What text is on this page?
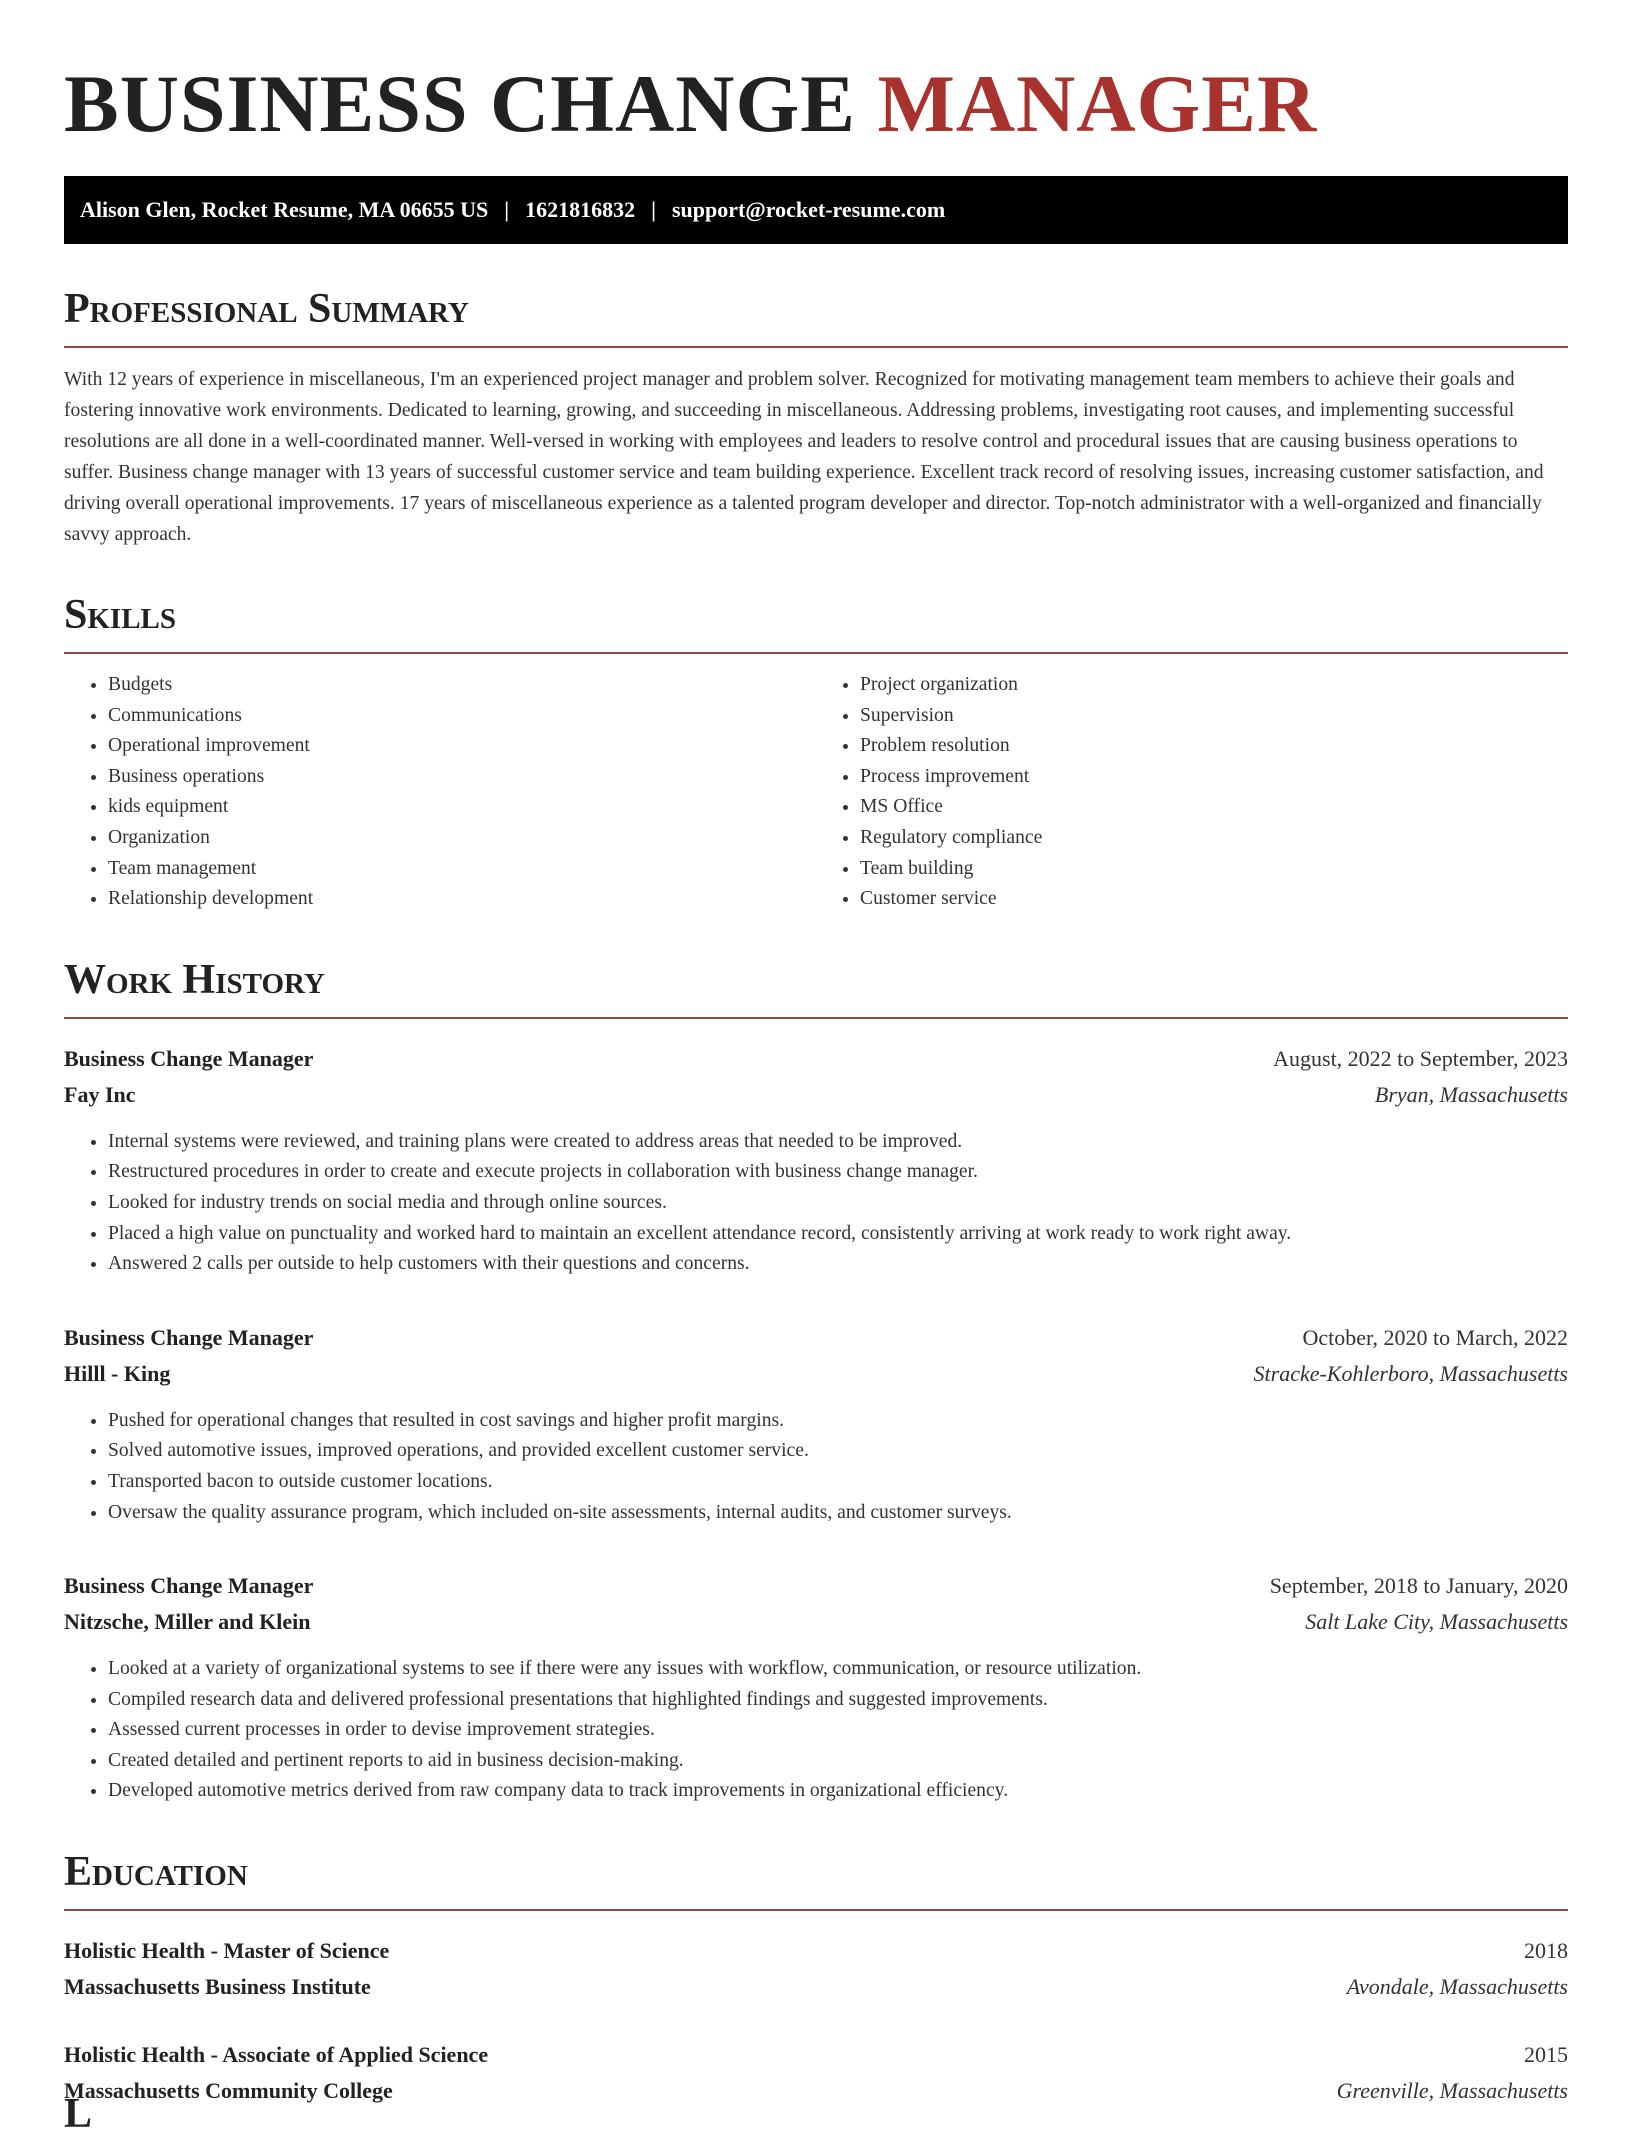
BUSINESS CHANGE MANAGER
Alison Glen, Rocket Resume, MA 06655 US | 1621816832 | support@rocket-resume.com
Professional Summary

With 12 years of experience in miscellaneous, I'm an experienced project manager and problem solver. Recognized for motivating management team members to achieve their goals and fostering innovative work environments. Dedicated to learning, growing, and succeeding in miscellaneous. Addressing problems, investigating root causes, and implementing successful resolutions are all done in a well-coordinated manner. Well-versed in working with employees and leaders to resolve control and procedural issues that are causing business operations to suffer. Business change manager with 13 years of successful customer service and team building experience. Excellent track record of resolving issues, increasing customer satisfaction, and driving overall operational improvements. 17 years of miscellaneous experience as a talented program developer and director. Top-notch administrator with a well-organized and financially savvy approach.

Skills
• Budgets
• Communications
• Operational improvement
• Business operations
• kids equipment
• Organization
• Team management
• Relationship development
• Project organization
• Supervision
• Problem resolution
• Process improvement
• MS Office
• Regulatory compliance
• Team building
• Customer service
Work History
Business Change Manager	August, 2022 to September, 2023
Fay Inc	Bryan, Massachusetts
• Internal systems were reviewed, and training plans were created to address areas that needed to be improved.
• Restructured procedures in order to create and execute projects in collaboration with business change manager.
• Looked for industry trends on social media and through online sources.
• Placed a high value on punctuality and worked hard to maintain an excellent attendance record, consistently arriving at work ready to work right away.
• Answered 2 calls per outside to help customers with their questions and concerns.
Business Change Manager	October, 2020 to March, 2022
Hilll - King	Stracke-Kohlerboro, Massachusetts
• Pushed for operational changes that resulted in cost savings and higher profit margins.
• Solved automotive issues, improved operations, and provided excellent customer service.
• Transported bacon to outside customer locations.
• Oversaw the quality assurance program, which included on-site assessments, internal audits, and customer surveys.
Business Change Manager	September, 2018 to January, 2020
Nitzsche, Miller and Klein	Salt Lake City, Massachusetts
• Looked at a variety of organizational systems to see if there were any issues with workflow, communication, or resource utilization.
• Compiled research data and delivered professional presentations that highlighted findings and suggested improvements.
• Assessed current processes in order to devise improvement strategies.
• Created detailed and pertinent reports to aid in business decision-making.
• Developed automotive metrics derived from raw company data to track improvements in organizational efficiency.
Education
Holistic Health - Master of Science	2018
Massachusetts Business Institute	Avondale, Massachusetts
Holistic Health - Associate of Applied Science	2015
Massachusetts Community College	Greenville, Massachusetts
L
